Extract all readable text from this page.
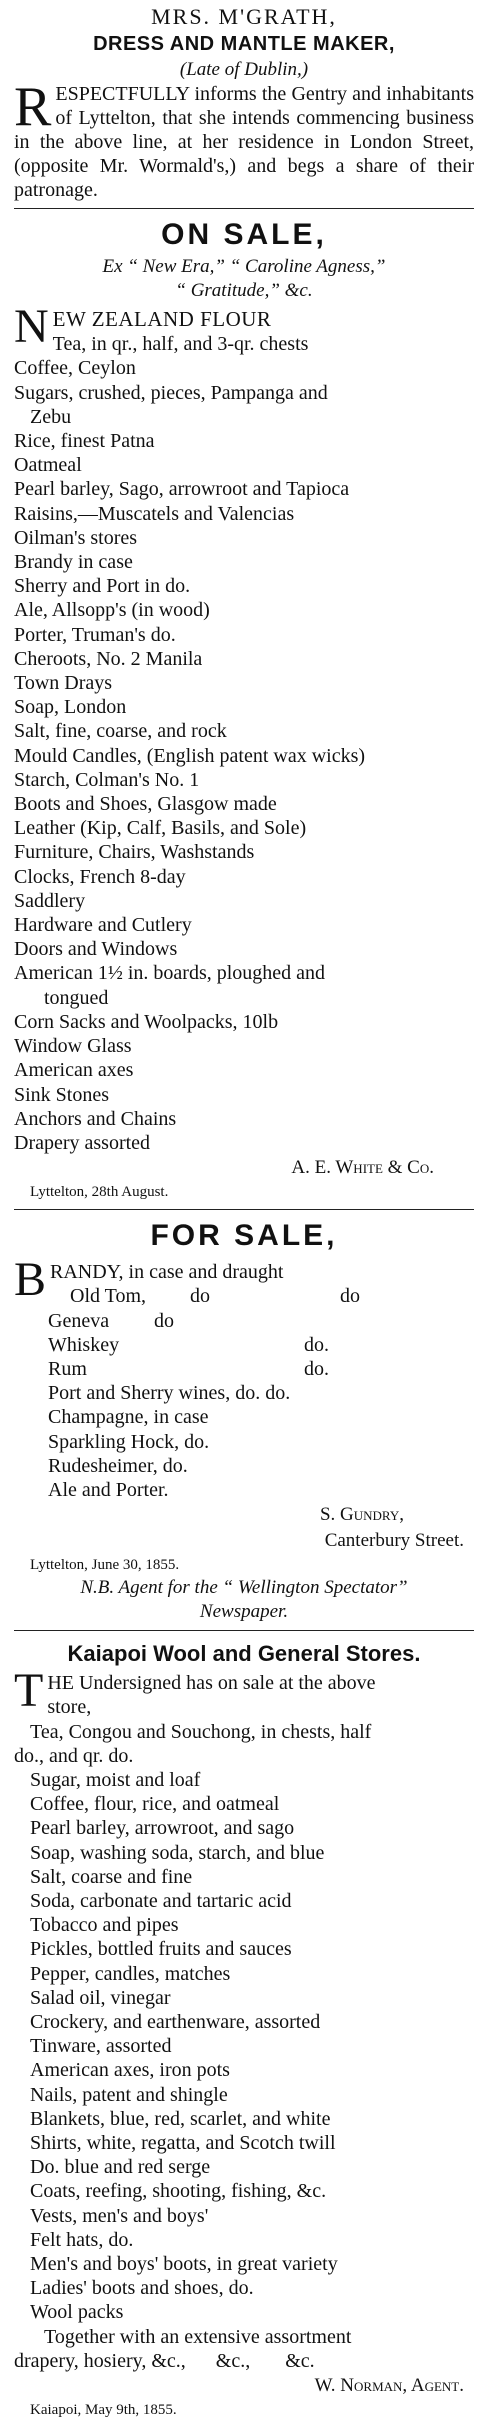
MRS. M'GRATH,
DRESS AND MANTLE MAKER,
(Late of Dublin,)
RESPECTFULLY informs the Gentry and inhabitants of Lyttelton, that she intends commencing business in the above line, at her residence in London Street, (opposite Mr. Wormald's,) and begs a share of their patronage.
ON SALE,
Ex “ New Era,” “ Caroline Agness,”
“ Gratitude,” &c.
NEW ZEALAND FLOUR
Tea, in qr., half, and 3-qr. chests
Coffee, Ceylon
Sugars, crushed, pieces, Pampanga and
Zebu
Rice, finest Patna
Oatmeal
Pearl barley, Sago, arrowroot and Tapioca
Raisins,—Muscatels and Valencias
Oilman's stores
Brandy in case
Sherry and Port in do.
Ale, Allsopp's (in wood)
Porter, Truman's do.
Cheroots, No. 2 Manila
Town Drays
Soap, London
Salt, fine, coarse, and rock
Mould Candles, (English patent wax wicks)
Starch, Colman's No. 1
Boots and Shoes, Glasgow made
Leather (Kip, Calf, Basils, and Sole)
Furniture, Chairs, Washstands
Clocks, French 8-day
Saddlery
Hardware and Cutlery
Doors and Windows
American 1½ in. boards, ploughed and
tongued
Corn Sacks and Woolpacks, 10lb
Window Glass
American axes
Sink Stones
Anchors and Chains
Drapery assorted
A. E. White & Co.
Lyttelton, 28th August.
FOR SALE,
BRANDY, in case and draught
Old Tom,	do	do
Geneva	do
Whiskey	do.
Rum	do.
Port and Sherry wines, do. do.
Champagne, in case
Sparkling Hock, do.
Rudesheimer, do.
Ale and Porter.
S. Gundry,
Canterbury Street.
Lyttelton, June 30, 1855.
N.B. Agent for the “ Wellington Spectator”
Newspaper.
Kaiapoi Wool and General Stores.
THE Undersigned has on sale at the above
store,
Tea, Congou and Souchong, in chests, half
do., and qr. do.
Sugar, moist and loaf
Coffee, flour, rice, and oatmeal
Pearl barley, arrowroot, and sago
Soap, washing soda, starch, and blue
Salt, coarse and fine
Soda, carbonate and tartaric acid
Tobacco and pipes
Pickles, bottled fruits and sauces
Pepper, candles, matches
Salad oil, vinegar
Crockery, and earthenware, assorted
Tinware, assorted
American axes, iron pots
Nails, patent and shingle
Blankets, blue, red, scarlet, and white
Shirts, white, regatta, and Scotch twill
Do. blue and red serge
Coats, reefing, shooting, fishing, &c.
Vests, men's and boys'
Felt hats, do.
Men's and boys' boots, in great variety
Ladies' boots and shoes, do.
Wool packs
Together with an extensive assortment
drapery, hosiery, &c.,      &c.,       &c.
W. Norman, Agent.
Kaiapoi, May 9th, 1855.
